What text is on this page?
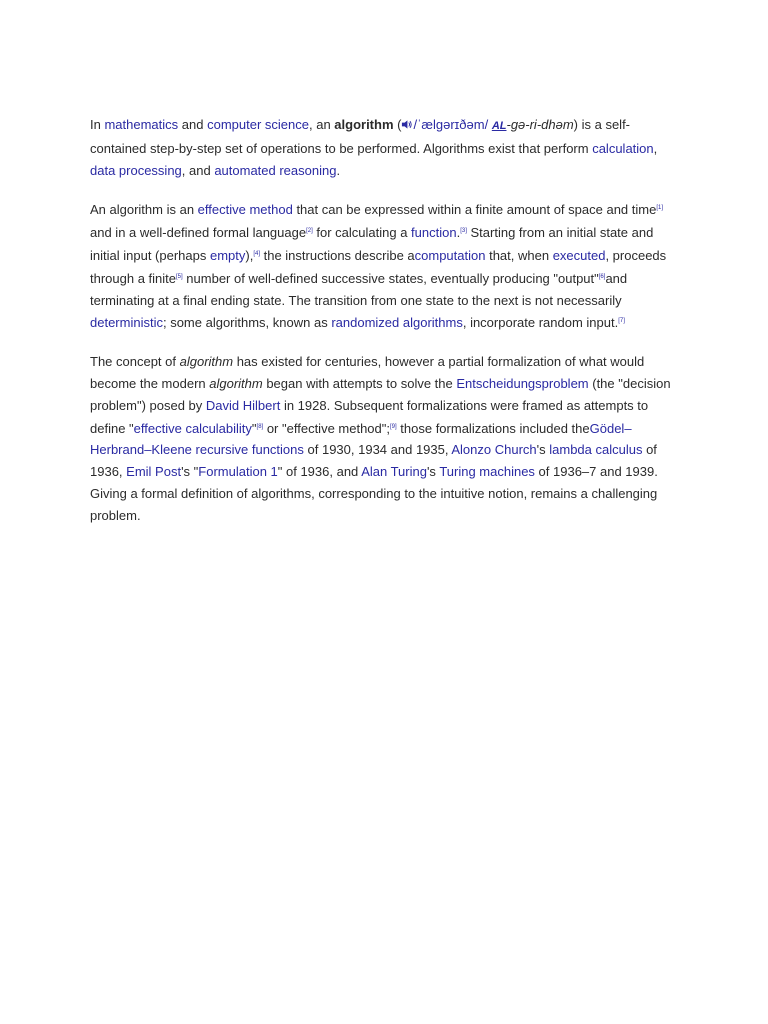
In mathematics and computer science, an algorithm ( /ˈælɡərɪðəm/ AL-gə-ri-dhəm) is a self-contained step-by-step set of operations to be performed. Algorithms exist that perform calculation, data processing, and automated reasoning.

An algorithm is an effective method that can be expressed within a finite amount of space and time[1] and in a well-defined formal language[2] for calculating a function.[3] Starting from an initial state and initial input (perhaps empty),[4] the instructions describe acomputation that, when executed, proceeds through a finite[5] number of well-defined successive states, eventually producing "output"[6]and terminating at a final ending state. The transition from one state to the next is not necessarily deterministic; some algorithms, known as randomized algorithms, incorporate random input.[7]

The concept of algorithm has existed for centuries, however a partial formalization of what would become the modern algorithm began with attempts to solve the Entscheidungsproblem (the "decision problem") posed by David Hilbert in 1928. Subsequent formalizations were framed as attempts to define "effective calculability"[8] or "effective method";[9] those formalizations included theGödel–Herbrand–Kleene recursive functions of 1930, 1934 and 1935, Alonzo Church's lambda calculus of 1936, Emil Post's "Formulation 1" of 1936, and Alan Turing's Turing machines of 1936–7 and 1939. Giving a formal definition of algorithms, corresponding to the intuitive notion, remains a challenging problem.
